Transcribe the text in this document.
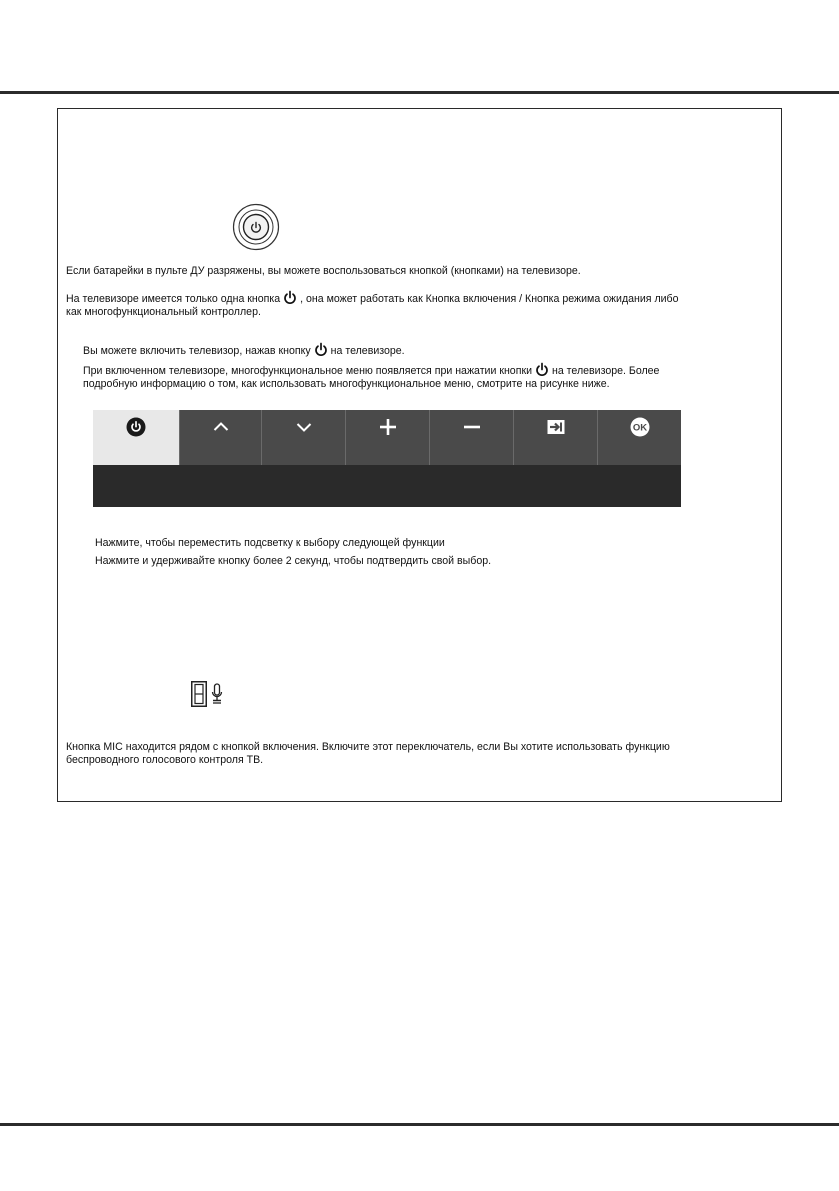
Если батарейки в пульте ДУ разряжены, вы можете воспользоваться кнопкой (кнопками) на телевизоре.

На телевизоре имеется только одна кнопка , она может работать как Кнопка включения / Кнопка режима ожидания либо
как многофункциональный контроллер.

Вы можете включить телевизор, нажав кнопку на телевизоре.

При включенном телевизоре, многофункциональное меню появляется при нажатии кнопки на телевизоре. Более
подробную информацию о том, как использовать многофункциональное меню, смотрите на рисунке ниже.

OK

Нажмите, чтобы переместить подсветку к выбору следующей функции

Нажмите и удерживайте кнопку более 2 секунд, чтобы подтвердить свой выбор.

Кнопка MIC находится рядом с кнопкой включения. Включите этот переключатель, если Вы хотите использовать функцию
беспроводного голосового контроля ТВ.
